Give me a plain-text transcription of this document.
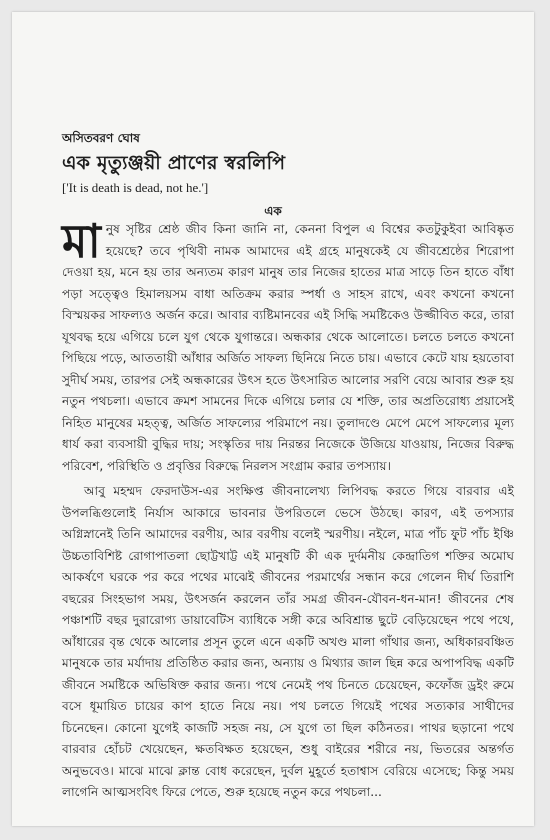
অসিতবরণ ঘোষ
এক মৃত্যুঞ্জয়ী প্রাণের স্বরলিপি
['It is death is dead, not he.']
এক

মানুষ সৃষ্টির শ্রেষ্ঠ জীব কিনা জানি না, কেননা বিপুল এ বিশ্বের কতটুকুইবা আবিষ্কৃত হয়েছে? তবে পৃথিবী নামক আমাদের এই গ্রহে মানুষকেই যে জীবশ্রেষ্ঠের শিরোপা দেওয়া হয়, মনে হয় তার অন্যতম কারণ মানুষ তার নিজের হাতের মাত্র সাড়ে তিন হাতে বাঁধা পড়া সত্ত্বেও হিমালয়সম বাধা অতিক্রম করার স্পর্ধা ও সাহস রাখে, এবং কখনো কখনো বিস্ময়কর সাফল্যও অর্জন করে। আবার ব্যষ্টিমানবের এই সিদ্ধি সমষ্টিকেও উজ্জীবিত করে, তারা যূথবদ্ধ হয়ে এগিয়ে চলে যুগ থেকে যুগান্তরে। অন্ধকার থেকে আলোতে। চলতে চলতে কখনো পিছিয়ে পড়ে, আততায়ী আঁধার অর্জিত সাফল্য ছিনিয়ে নিতে চায়। এভাবে কেটে যায় হয়তোবা সুদীর্ঘ সময়, তারপর সেই অন্ধকারের উৎস হতে উৎসারিত আলোর সরণি বেয়ে আবার শুরু হয় নতুন পথচলা। এভাবে ক্রমশ সামনের দিকে এগিয়ে চলার যে শক্তি, তার অপ্রতিরোধ্য প্রয়াসেই নিহিত মানুষের মহত্ত্ব, অর্জিত সাফল্যের পরিমাপে নয়। তুলাদণ্ডে মেপে মেপে সাফল্যের মূল্য ধার্য করা ব্যবসায়ী বুদ্ধির দায়; সংস্কৃতির দায় নিরন্তর নিজেকে উজিয়ে যাওয়ায়, নিজের বিরুদ্ধ পরিবেশ, পরিস্থিতি ও প্রবৃত্তির বিরুদ্ধে নিরলস সংগ্রাম করার তপস্যায়।

আবু মহম্মদ ফেরদাউস-এর সংক্ষিপ্ত জীবনালেখ্য লিপিবদ্ধ করতে গিয়ে বারবার এই উপলব্ধিগুলোই নির্যাস আকারে ভাবনার উপরিতলে ভেসে উঠছে। কারণ, এই তপস্যার অগ্নিস্নানেই তিনি আমাদের বরণীয়, আর বরণীয় বলেই স্মরণীয়। নইলে, মাত্র পাঁচ ফুট পাঁচ ইঞ্চি উচ্চতাবিশিষ্ট রোগাপাতলা ছোট্টখাট্ট এই মানুষটি কী এক দুর্দমনীয় কেন্দ্রাতিগ শক্তির অমোঘ আকর্ষণে ঘরকে পর করে পথের মাঝেই জীবনের পরমার্থের সন্ধান করে গেলেন দীর্ঘ তিরাশি বছরের সিংহভাগ সময়, উৎসর্জন করলেন তাঁর সমগ্র জীবন-যৌবন-ধন-মান! জীবনের শেষ পঞ্চাশটি বছর দুরারোগ্য ডায়াবেটিস ব্যাধিকে সঙ্গী করে অবিশ্রান্ত ছুটে বেড়িয়েছেন পথে পথে, আঁধারের বৃন্ত থেকে আলোর প্রসূন তুলে এনে একটি অখণ্ড মালা গাঁথার জন্য, অধিকারবঞ্চিত মানুষকে তার মর্যাদায় প্রতিষ্ঠিত করার জন্য, অন্যায় ও মিথ্যার জাল ছিন্ন করে অপাপবিদ্ধ একটি জীবনে সমষ্টিকে অভিষিক্ত করার জন্য। পথে নেমেই পথ চিনতে চেয়েছেন, কফোঁজ ড্রইং রুমে বসে ধূমায়িত চায়ের কাপ হাতে নিয়ে নয়। পথ চলতে গিয়েই পথের সত্যকার সাথীদের চিনেছেন। কোনো যুগেই কাজটি সহজ নয়, সে যুগে তা ছিল কঠিনতর। পাথর ছড়ানো পথে বারবার হোঁচট খেয়েছেন, ক্ষতবিক্ষত হয়েছেন, শুধু বাইরের শরীরে নয়, ভিতরের অন্তর্গত অনুভবেও। মাঝে মাঝে ক্লান্ত বোধ করেছেন, দুর্বল মুহূর্তে হতাশ্বাস বেরিয়ে এসেছে; কিন্তু সময় লাগেনি আত্মসংবিৎ ফিরে পেতে, শুরু হয়েছে নতুন করে পথচলা...
